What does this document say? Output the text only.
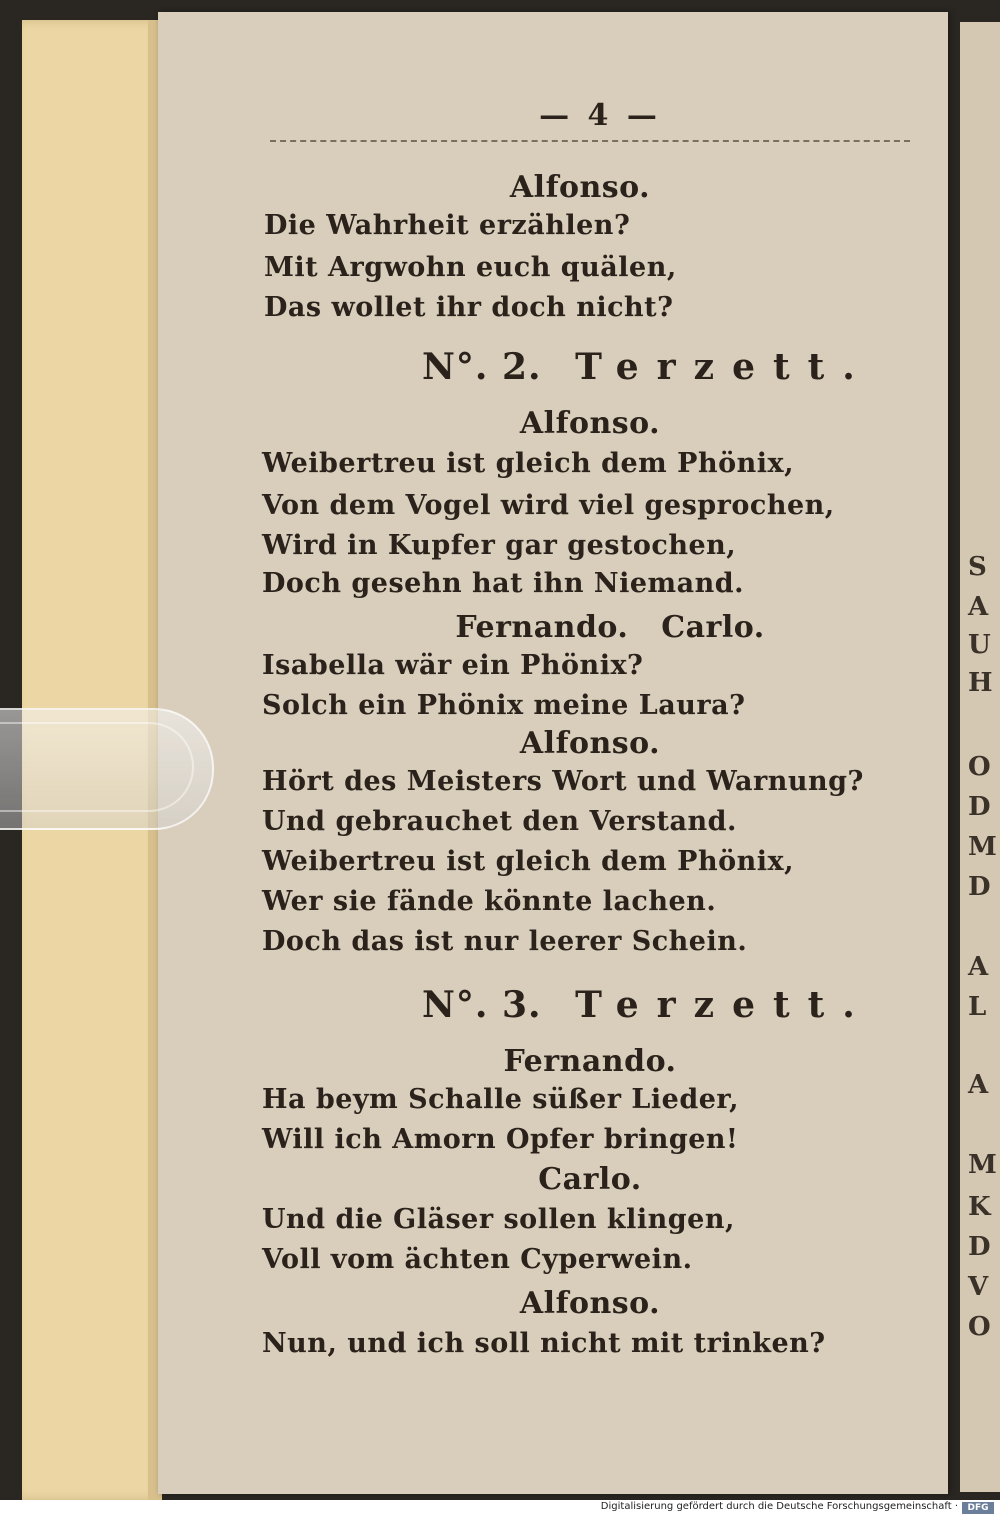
S
A
U
H
O
D
M
D
A
L
A
M
K
D
V
O
— 4 —
Alfonso.
Die Wahrheit erzählen?
Mit Argwohn euch quälen,
Das wollet ihr doch nicht?
N°. 2. Terzett.
Alfonso.
Weibertreu ist gleich dem Phönix,
Von dem Vogel wird viel gesprochen,
Wird in Kupfer gar gestochen,
Doch gesehn hat ihn Niemand.
Fernando.   Carlo.
Isabella wär ein Phönix?
Solch ein Phönix meine Laura?
Alfonso.
Hört des Meisters Wort und Warnung?
Und gebrauchet den Verstand.
Weibertreu ist gleich dem Phönix,
Wer sie fände könnte lachen.
Doch das ist nur leerer Schein.
N°. 3. Terzett.
Fernando.
Ha beym Schalle süßer Lieder,
Will ich Amorn Opfer bringen!
Carlo.
Und die Gläser sollen klingen,
Voll vom ächten Cyperwein.
Alfonso.
Nun, und ich soll nicht mit trinken?
Digitalisierung gefördert durch die Deutsche Forschungsgemeinschaft ·	DFG
